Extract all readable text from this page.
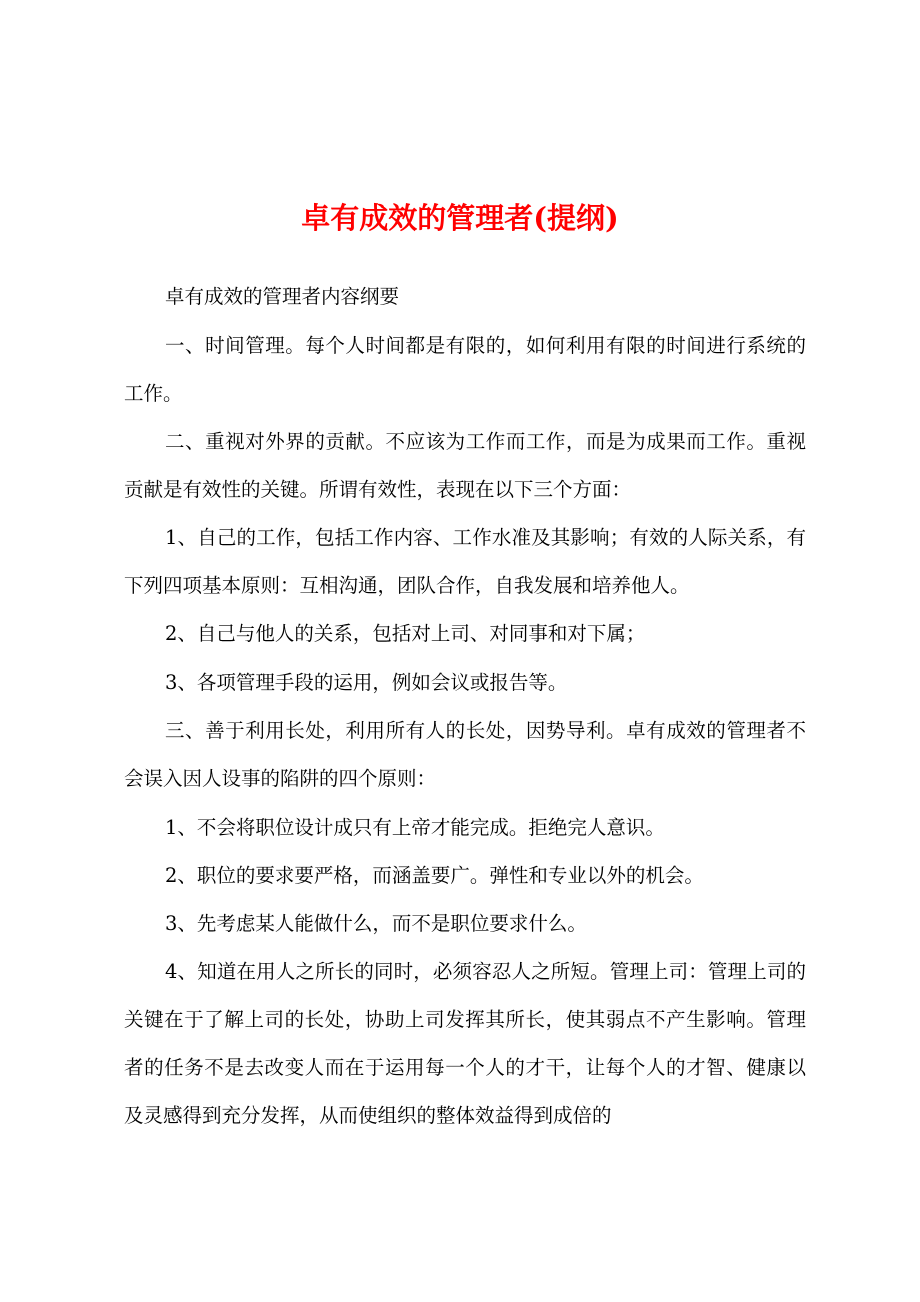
卓有成效的管理者(提纲)

卓有成效的管理者内容纲要

一、时间管理。每个人时间都是有限的，如何利用有限的时间进行系统的工作。

二、重视对外界的贡献。不应该为工作而工作，而是为成果而工作。重视贡献是有效性的关键。所谓有效性，表现在以下三个方面：

1、自己的工作，包括工作内容、工作水准及其影响；有效的人际关系，有下列四项基本原则：互相沟通，团队合作，自我发展和培养他人。

2、自己与他人的关系，包括对上司、对同事和对下属；

3、各项管理手段的运用，例如会议或报告等。

三、善于利用长处，利用所有人的长处，因势导利。卓有成效的管理者不会误入因人设事的陷阱的四个原则：

1、不会将职位设计成只有上帝才能完成。拒绝完人意识。

2、职位的要求要严格，而涵盖要广。弹性和专业以外的机会。

3、先考虑某人能做什么，而不是职位要求什么。

4、知道在用人之所长的同时，必须容忍人之所短。管理上司：管理上司的关键在于了解上司的长处，协助上司发挥其所长，使其弱点不产生影响。管理者的任务不是去改变人而在于运用每一个人的才干，让每个人的才智、健康以及灵感得到充分发挥，从而使组织的整体效益得到成倍的
